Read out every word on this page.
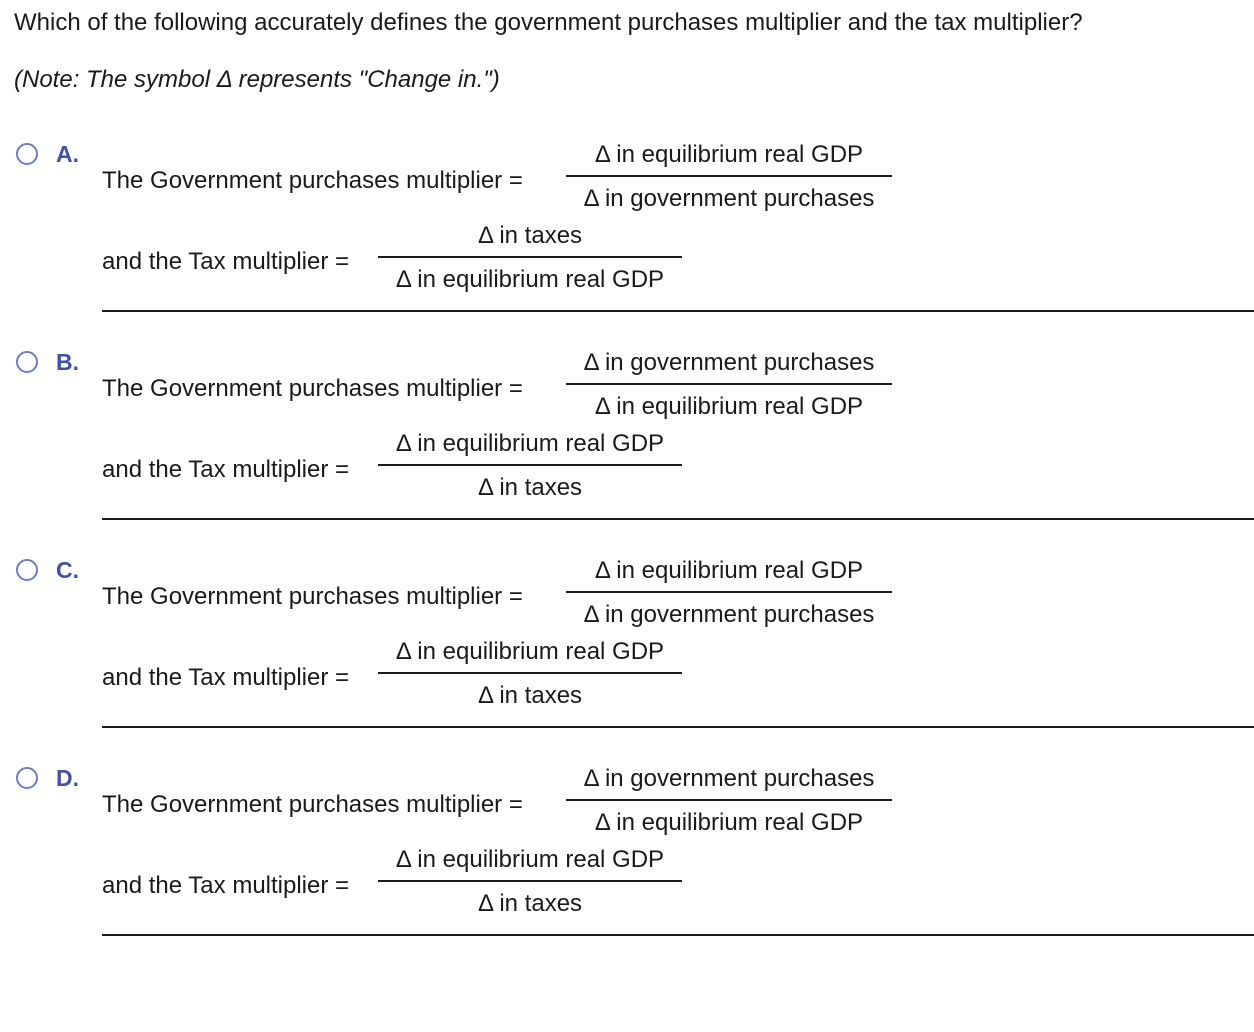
Which of the following accurately defines the government purchases multiplier and the tax multiplier?
(Note: The symbol Δ represents "Change in.")
A.
The Government purchases multiplier =
Δ in equilibrium real GDP
Δ in government purchases
and the Tax multiplier =
Δ in taxes
Δ in equilibrium real GDP
B.
The Government purchases multiplier =
Δ in government purchases
Δ in equilibrium real GDP
and the Tax multiplier =
Δ in equilibrium real GDP
Δ in taxes
C.
The Government purchases multiplier =
Δ in equilibrium real GDP
Δ in government purchases
and the Tax multiplier =
Δ in equilibrium real GDP
Δ in taxes
D.
The Government purchases multiplier =
Δ in government purchases
Δ in equilibrium real GDP
and the Tax multiplier =
Δ in equilibrium real GDP
Δ in taxes
